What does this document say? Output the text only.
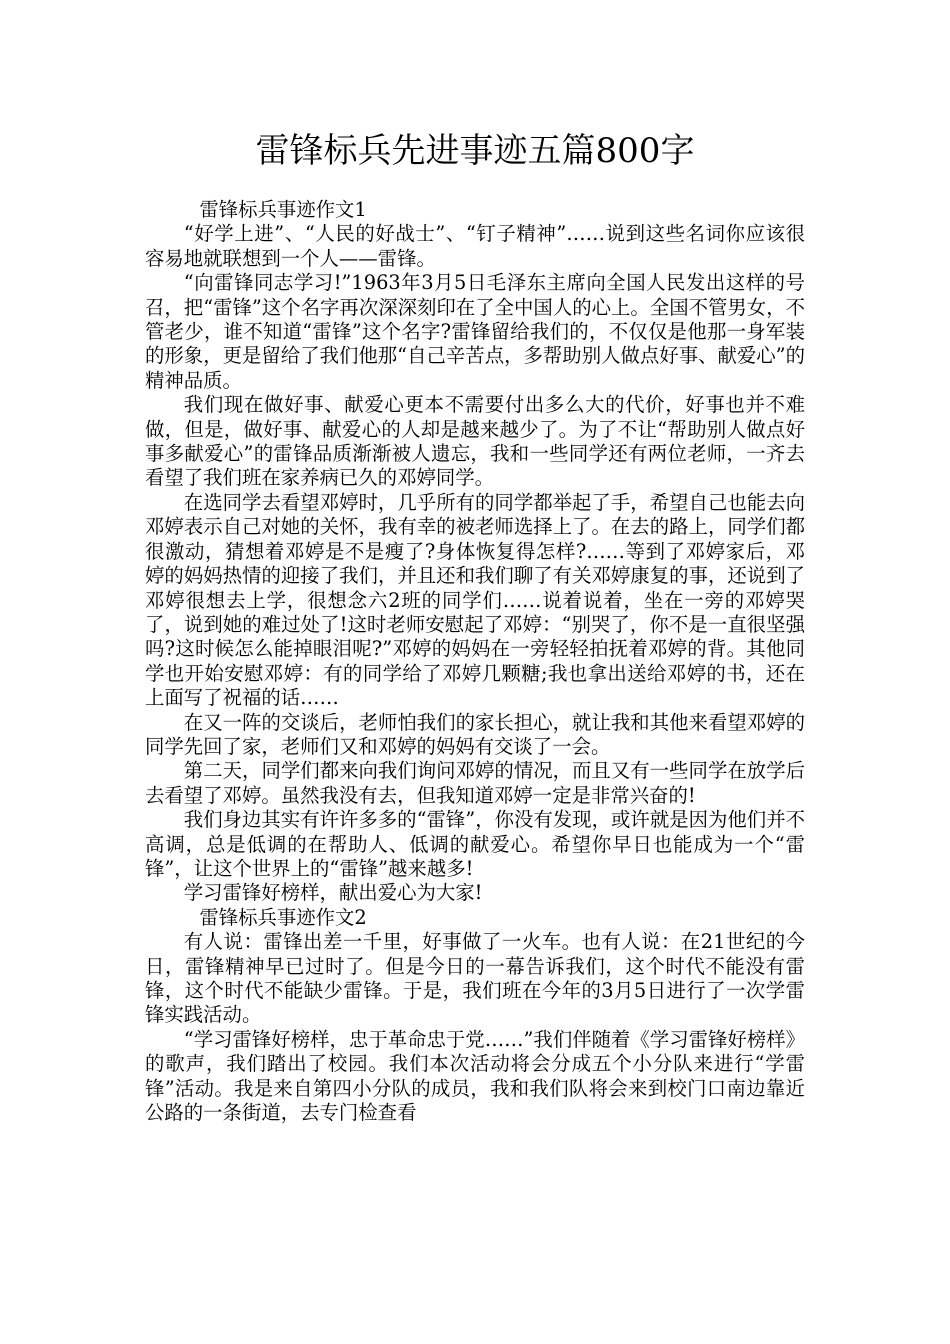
雷锋标兵先进事迹五篇800字

雷锋标兵事迹作文1

“好学上进”、“人民的好战士”、“钉子精神”……说到这些名词你应该很容易地就联想到一个人——雷锋。

“向雷锋同志学习!”1963年3月5日毛泽东主席向全国人民发出这样的号召，把“雷锋”这个名字再次深深刻印在了全中国人的心上。全国不管男女，不管老少，谁不知道“雷锋”这个名字?雷锋留给我们的，不仅仅是他那一身军装的形象，更是留给了我们他那“自己辛苦点，多帮助别人做点好事、献爱心”的精神品质。

我们现在做好事、献爱心更本不需要付出多么大的代价，好事也并不难做，但是，做好事、献爱心的人却是越来越少了。为了不让“帮助别人做点好事多献爱心”的雷锋品质渐渐被人遗忘，我和一些同学还有两位老师，一齐去看望了我们班在家养病已久的邓婷同学。

在选同学去看望邓婷时，几乎所有的同学都举起了手，希望自己也能去向邓婷表示自己对她的关怀，我有幸的被老师选择上了。在去的路上，同学们都很激动，猜想着邓婷是不是瘦了?身体恢复得怎样?……等到了邓婷家后，邓婷的妈妈热情的迎接了我们，并且还和我们聊了有关邓婷康复的事，还说到了邓婷很想去上学，很想念六2班的同学们……说着说着，坐在一旁的邓婷哭了，说到她的难过处了!这时老师安慰起了邓婷：“别哭了，你不是一直很坚强吗?这时候怎么能掉眼泪呢?”邓婷的妈妈在一旁轻轻拍抚着邓婷的背。其他同学也开始安慰邓婷：有的同学给了邓婷几颗糖;我也拿出送给邓婷的书，还在上面写了祝福的话……

在又一阵的交谈后，老师怕我们的家长担心，就让我和其他来看望邓婷的同学先回了家，老师们又和邓婷的妈妈有交谈了一会。

第二天，同学们都来向我们询问邓婷的情况，而且又有一些同学在放学后去看望了邓婷。虽然我没有去，但我知道邓婷一定是非常兴奋的!

我们身边其实有许许多多的“雷锋”，你没有发现，或许就是因为他们并不高调，总是低调的在帮助人、低调的献爱心。希望你早日也能成为一个“雷锋”，让这个世界上的“雷锋”越来越多!

学习雷锋好榜样，献出爱心为大家!

雷锋标兵事迹作文2

有人说：雷锋出差一千里，好事做了一火车。也有人说：在21世纪的今日，雷锋精神早已过时了。但是今日的一幕告诉我们，这个时代不能没有雷锋，这个时代不能缺少雷锋。于是，我们班在今年的3月5日进行了一次学雷锋实践活动。

“学习雷锋好榜样，忠于革命忠于党……”我们伴随着《学习雷锋好榜样》的歌声，我们踏出了校园。我们本次活动将会分成五个小分队来进行“学雷锋”活动。我是来自第四小分队的成员，我和我们队将会来到校门口南边靠近公路的一条街道，去专门检查看
